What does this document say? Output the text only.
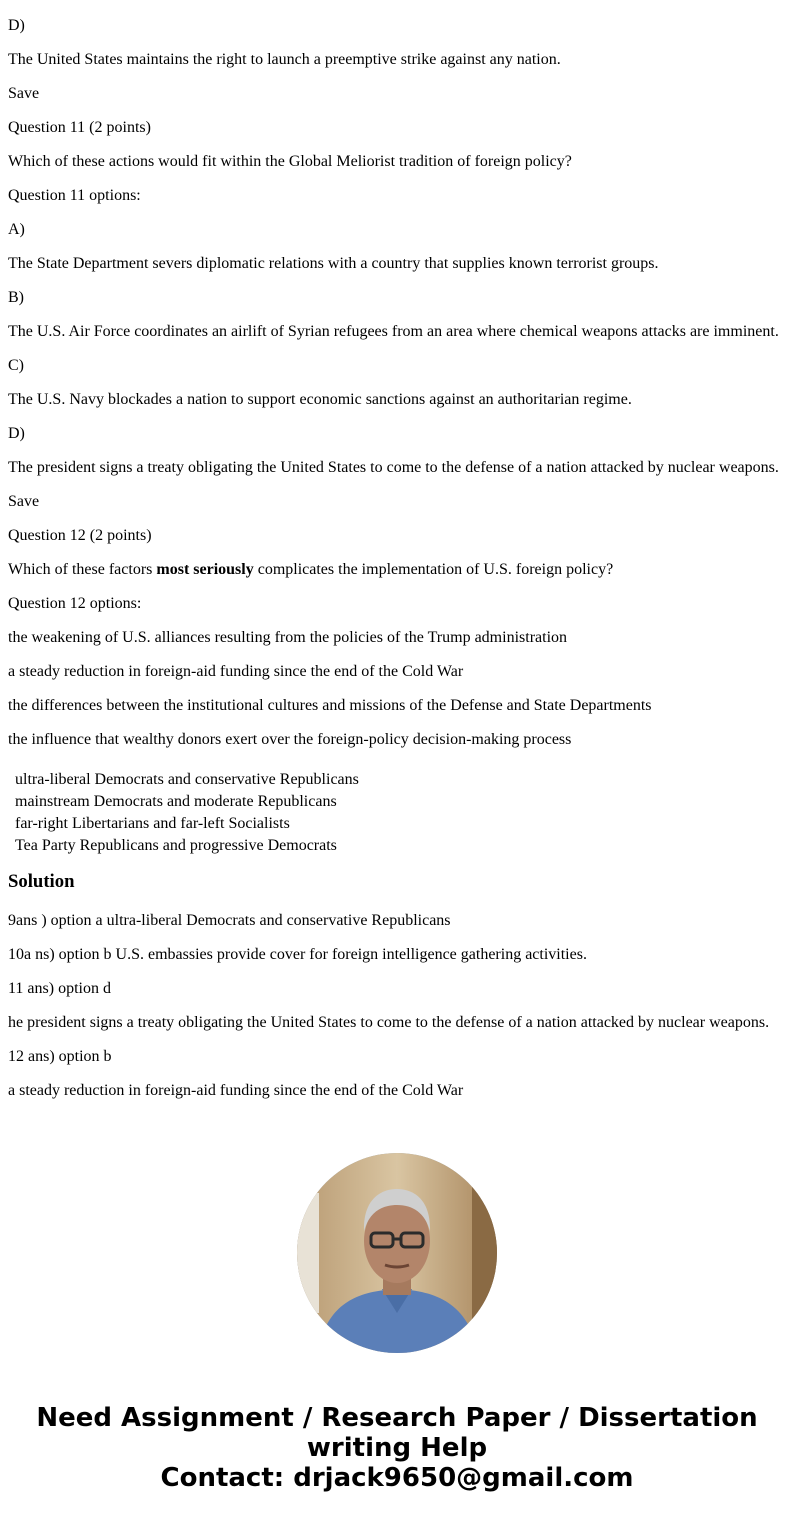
D)

The United States maintains the right to launch a preemptive strike against any nation.

Save

Question 11 (2 points)

Which of these actions would fit within the Global Meliorist tradition of foreign policy?

Question 11 options:

A)

The State Department severs diplomatic relations with a country that supplies known terrorist groups.

B)

The U.S. Air Force coordinates an airlift of Syrian refugees from an area where chemical weapons attacks are imminent.

C)

The U.S. Navy blockades a nation to support economic sanctions against an authoritarian regime.

D)

The president signs a treaty obligating the United States to come to the defense of a nation attacked by nuclear weapons.

Save

Question 12 (2 points)

Which of these factors most seriously complicates the implementation of U.S. foreign policy?

Question 12 options:

the weakening of U.S. alliances resulting from the policies of the Trump administration

a steady reduction in foreign-aid funding since the end of the Cold War

the differences between the institutional cultures and missions of the Defense and State Departments

the influence that wealthy donors exert over the foreign-policy decision-making process

ultra-liberal Democrats and conservative Republicans
mainstream Democrats and moderate Republicans
far-right Libertarians and far-left Socialists
Tea Party Republicans and progressive Democrats
Solution

9ans ) option a ultra-liberal Democrats and conservative Republicans

10a ns) option b U.S. embassies provide cover for foreign intelligence gathering activities.

11 ans) option d

he president signs a treaty obligating the United States to come to the defense of a nation attacked by nuclear weapons.

12 ans) option b

a steady reduction in foreign-aid funding since the end of the Cold War

Need Assignment / Research Paper / Dissertation
writing Help
Contact: drjack9650@gmail.com
